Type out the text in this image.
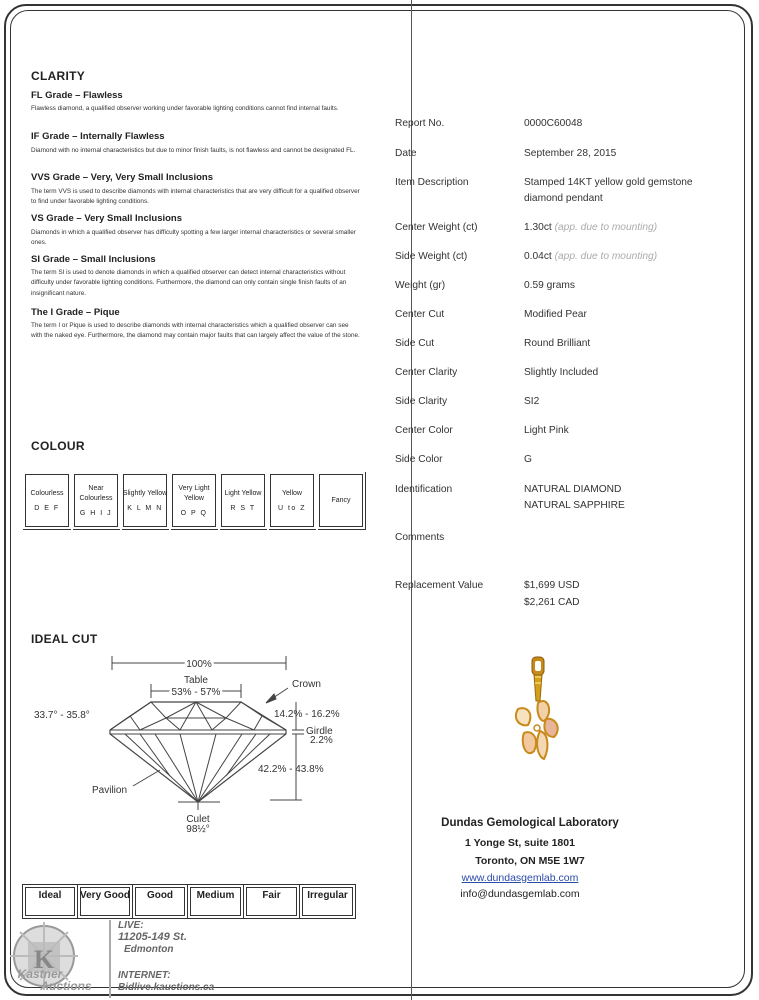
CLARITY
FL Grade – Flawless
Flawless diamond, a qualified observer working under favorable lighting conditions cannot find internal faults.
IF Grade – Internally Flawless
Diamond with no internal characteristics but due to minor finish faults, is not flawless and cannot be designated FL.
VVS Grade – Very, Very Small Inclusions
The term VVS is used to describe diamonds with internal characteristics that are very difficult for a qualified observer to find under favorable lighting conditions.
VS Grade – Very Small Inclusions
Diamonds in which a qualified observer has difficulty spotting a few larger internal characteristics or several smaller ones.
SI Grade – Small Inclusions
The term SI is used to denote diamonds in which a qualified observer can detect internal characteristics without difficulty under favorable lighting conditions. Furthermore, the diamond can only contain single finish faults of an insignificant nature.
The I Grade – Pique
The term I or Pique is used to describe diamonds with internal characteristics which a qualified observer can see with the naked eye. Furthermore, the diamond may contain major faults that can largely affect the value of the stone.
COLOUR
Colourless
D E F

Near Colourless
G H I J

Slightly Yellow
K L M N

Very Light Yellow
O P Q

Light Yellow
R S T

Yellow
U to Z

Fancy
IDEAL CUT
100%
Table
53% - 57%
Crown
33.7° - 35.8°	14.2% - 16.2%
Girdle
2.2%
42.2% - 43.8%
Pavilion
Culet
98½°
Ideal	Very Good	Good	Medium	Fair	Irregular
Report No.	0000C60048
Date	September 28, 2015
Item Description	Stamped 14KT yellow gold gemstone
diamond pendant
Center Weight (ct)	1.30ct (app. due to mounting)
Side Weight (ct)	0.04ct (app. due to mounting)
Weight (gr)	0.59 grams
Center Cut	Modified Pear
Side Cut	Round Brilliant
Center Clarity	Slightly Included
Side Clarity	SI2
Center Color	Light Pink
Side Color	G
Identification	NATURAL DIAMOND
NATURAL SAPPHIRE
Comments
Replacement Value	$1,699 USD
$2,261 CAD
Dundas Gemological Laboratory
1 Yonge St, suite 1801
Toronto, ON M5E 1W7
www.dundasgemlab.com
info@dundasgemlab.com
K
Kastner
Auctions
LIVE:
11205-149 St.
Edmonton
INTERNET:
Bidlive.kauctions.ca
